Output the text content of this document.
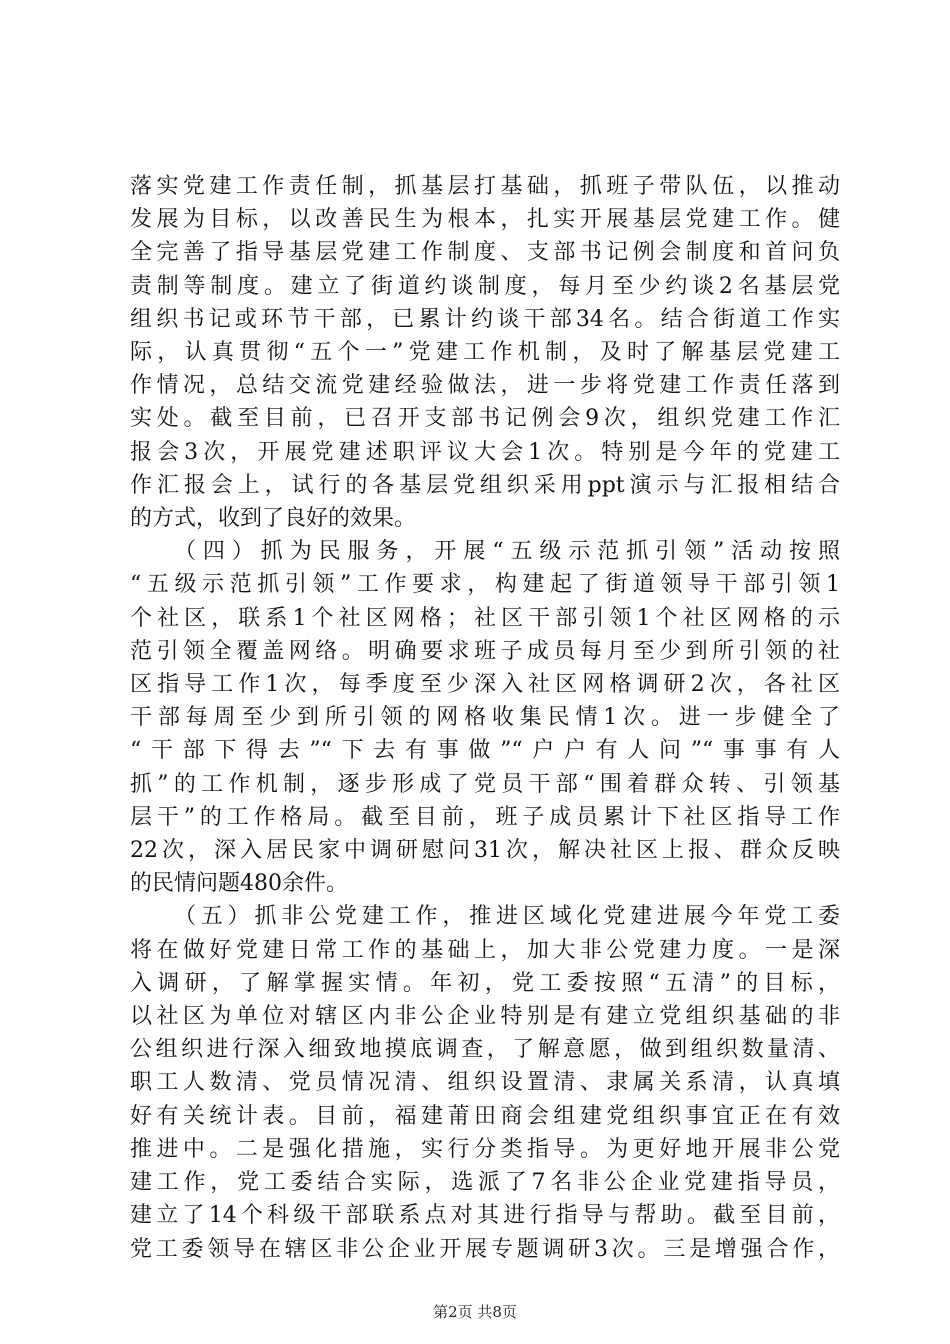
落实党建工作责任制，抓基层打基础，抓班子带队伍，以推动
发展为目标，以改善民生为根本，扎实开展基层党建工作。健
全完善了指导基层党建工作制度、支部书记例会制度和首问负
责制等制度。建立了街道约谈制度，每月至少约谈2名基层党
组织书记或环节干部，已累计约谈干部34名。结合街道工作实
际，认真贯彻“五个一”党建工作机制，及时了解基层党建工
作情况，总结交流党建经验做法，进一步将党建工作责任落到
实处。截至目前，已召开支部书记例会9次，组织党建工作汇
报会3次，开展党建述职评议大会1次。特别是今年的党建工
作汇报会上，试行的各基层党组织采用ppt演示与汇报相结合
的方式，收到了良好的效果。
（四）抓为民服务，开展“五级示范抓引领”活动按照
“五级示范抓引领”工作要求，构建起了街道领导干部引领1
个社区，联系1个社区网格；社区干部引领1个社区网格的示
范引领全覆盖网络。明确要求班子成员每月至少到所引领的社
区指导工作1次，每季度至少深入社区网格调研2次，各社区
干部每周至少到所引领的网格收集民情1次。进一步健全了
“干部下得去”“下去有事做”“户户有人问”“事事有人
抓”的工作机制，逐步形成了党员干部“围着群众转、引领基
层干”的工作格局。截至目前，班子成员累计下社区指导工作
22次，深入居民家中调研慰问31次，解决社区上报、群众反映
的民情问题480余件。
（五）抓非公党建工作，推进区域化党建进展今年党工委
将在做好党建日常工作的基础上，加大非公党建力度。一是深
入调研，了解掌握实情。年初，党工委按照“五清”的目标，
以社区为单位对辖区内非公企业特别是有建立党组织基础的非
公组织进行深入细致地摸底调查，了解意愿，做到组织数量清、
职工人数清、党员情况清、组织设置清、隶属关系清，认真填
好有关统计表。目前，福建莆田商会组建党组织事宜正在有效
推进中。二是强化措施，实行分类指导。为更好地开展非公党
建工作，党工委结合实际，选派了7名非公企业党建指导员，
建立了14个科级干部联系点对其进行指导与帮助。截至目前，
党工委领导在辖区非公企业开展专题调研3次。三是增强合作，
第2页 共8页
